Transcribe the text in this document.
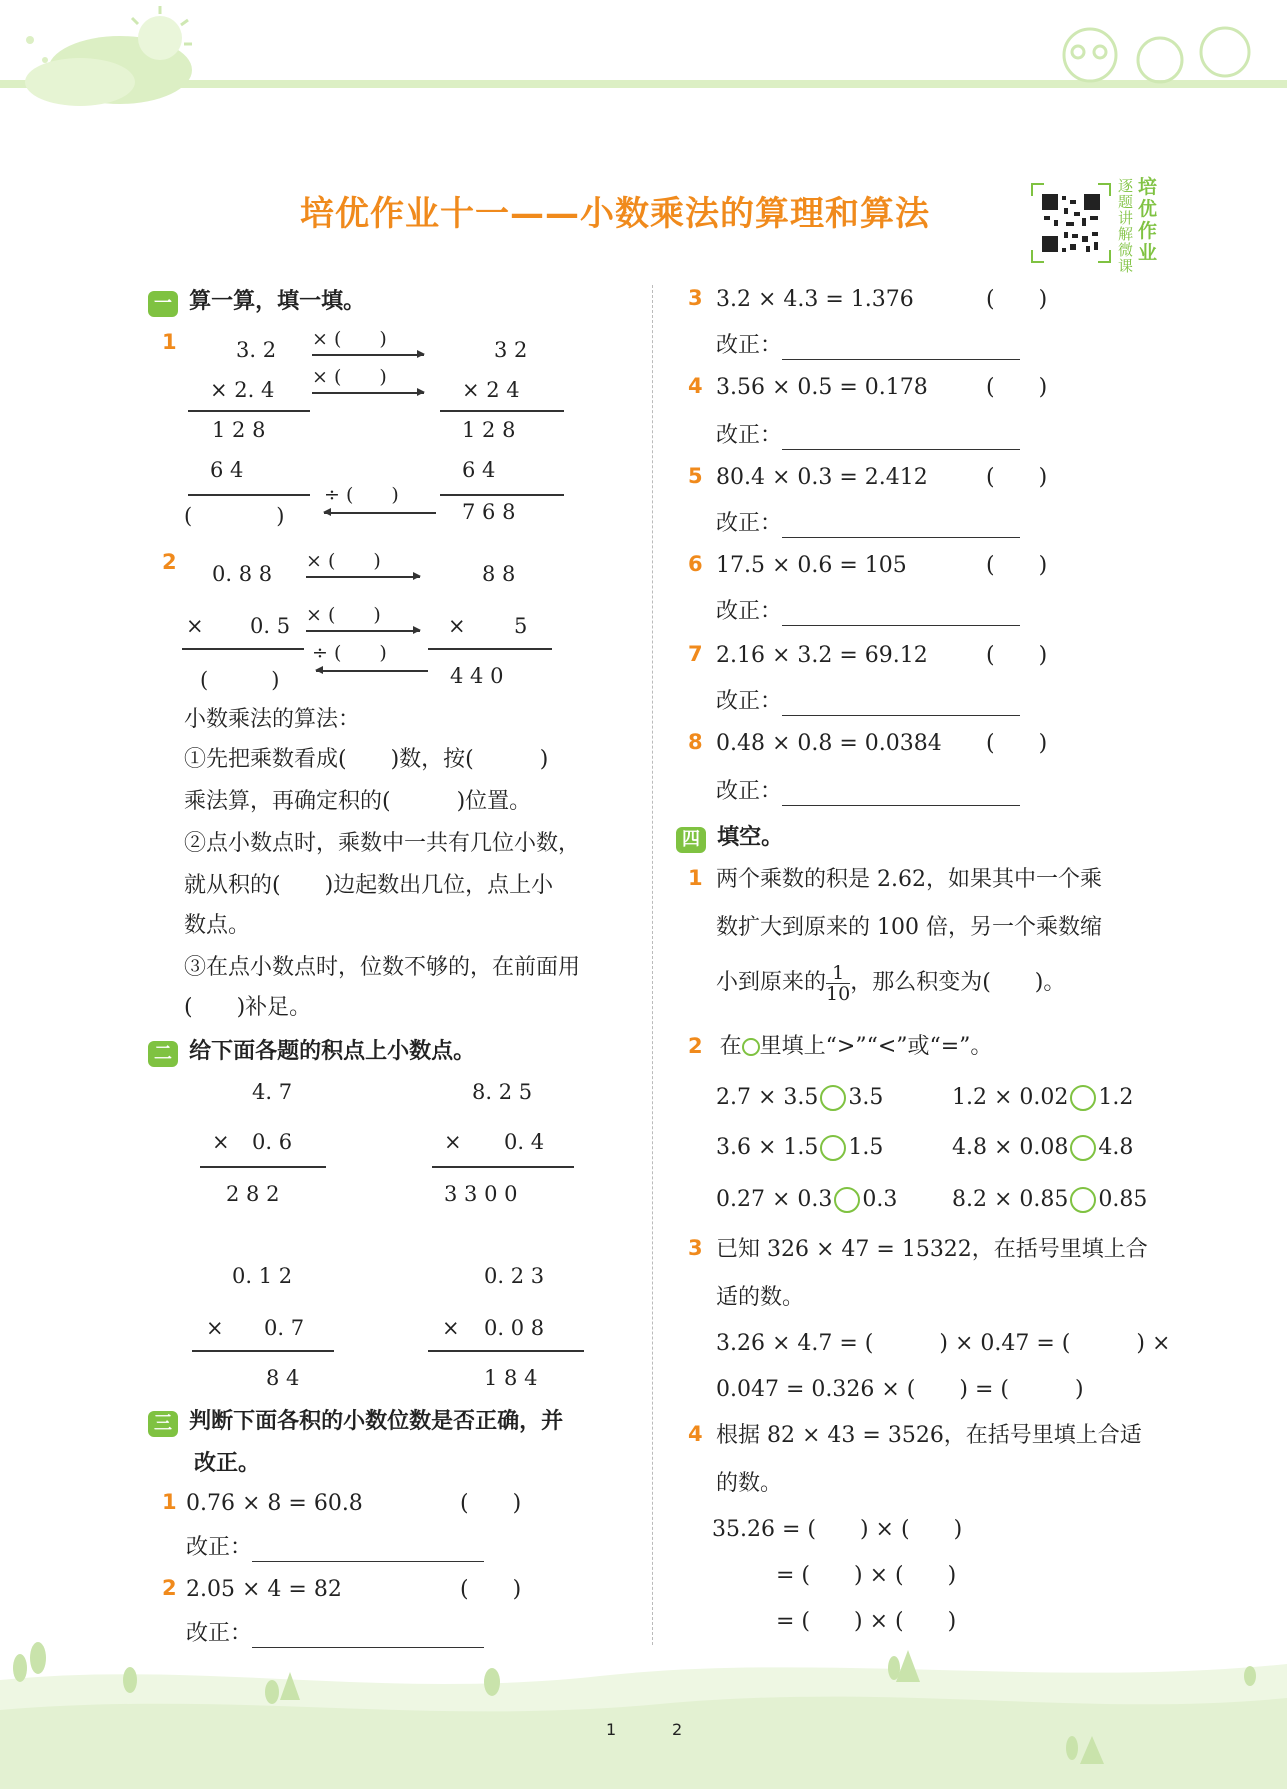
培优作业十一——小数乘法的算理和算法
逐题讲解微课
培优作业
一 算一算，填一填。
1	3. 2
× 2. 4
1 2 8
6 4
(　　　　)
× (　　)
× (　　)
÷ (　　)
3 2
× 2 4
1 2 8
6 4
7 6 8
2 0. 8 8
× 0. 5
(　　　)
× (　　)
× (　　)
÷ (　　)
8 8
× 5
4 4 0
小数乘法的算法：
①先把乘数看成(　　)数，按(　　　)
乘法算，再确定积的(　　　)位置。
②点小数点时，乘数中一共有几位小数，
就从积的(　　)边起数出几位，点上小
数点。
③在点小数点时，位数不够的，在前面用
(　　)补足。
二 给下面各题的积点上小数点。
4. 7
× 0. 6
2 8 2
8. 2 5
× 0. 4
3 3 0 0
0. 1 2
× 0. 7
8 4
0. 2 3
× 0. 0 8
1 8 4
三 判断下面各积的小数位数是否正确，并
改正。
1 0.76 × 8 = 60.8	(　　)
改正：
2 2.05 × 4 = 82	(　　)
改正：
3 3.2 × 4.3 = 1.376	(　　)
改正：
4 3.56 × 0.5 = 0.178	(　　)
改正：
5 80.4 × 0.3 = 2.412	(　　)
改正：
6 17.5 × 0.6 = 105	(　　)
改正：
7 2.16 × 3.2 = 69.12	(　　)
改正：
8 0.48 × 0.8 = 0.0384 (　　)
改正：
四 填空。
1 两个乘数的积是 2.62，如果其中一个乘
数扩大到原来的 100 倍，另一个乘数缩
小到原来的 $\frac{1}{10}$ ，那么积变为(　　)。
2 在 里填上“>”“<”或“=”。
2.7 × 3.5 3.5	1.2 × 0.02 1.2
3.6 × 1.5 1.5	4.8 × 0.08 4.8
0.27 × 0.3 0.3 8.2 × 0.85 0.85
3 已知 326 × 47 = 15322，在括号里填上合
适的数。
3.26 × 4.7 = (　　　) × 0.47 = (　　　) ×
0.047 = 0.326 × (　　) = (　　　)
4 根据 82 × 43 = 3526，在括号里填上合适
的数。
35.26 = (　　) × (　　)
= (　　) × (　　)
= (　　) × (　　)
1	2
